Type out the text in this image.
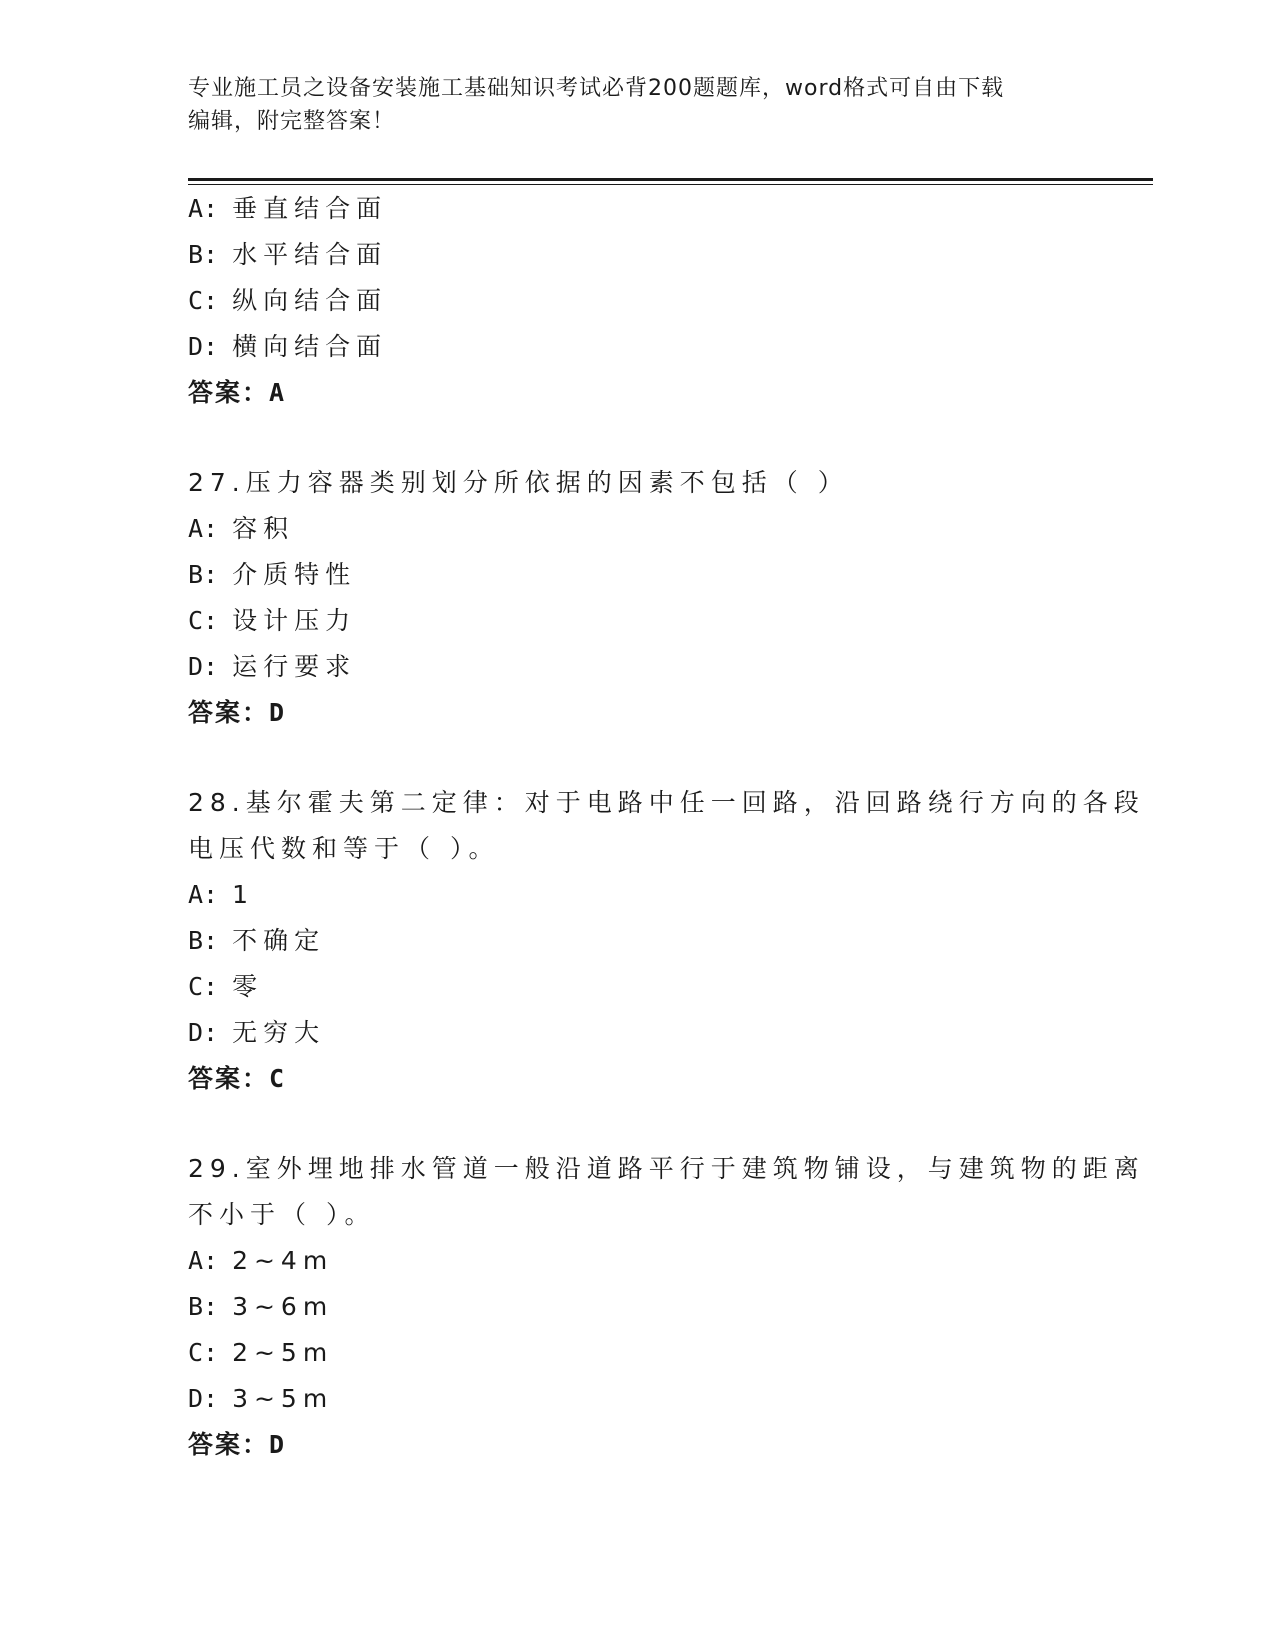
专业施工员之设备安装施工基础知识考试必背200题题库，word格式可自由下载
编辑，附完整答案！
A: 垂直结合面
B: 水平结合面
C: 纵向结合面
D: 横向结合面
答案：A
27.压力容器类别划分所依据的因素不包括（ ）
A: 容积
B: 介质特性
C: 设计压力
D: 运行要求
答案：D
28.基尔霍夫第二定律：对于电路中任一回路，沿回路绕行方向的各段
电压代数和等于（ ）。
A: 1
B: 不确定
C: 零
D: 无穷大
答案：C
29.室外埋地排水管道一般沿道路平行于建筑物铺设，与建筑物的距离
不小于（ ）。
A: 2~4m
B: 3~6m
C: 2~5m
D: 3~5m
答案：D
